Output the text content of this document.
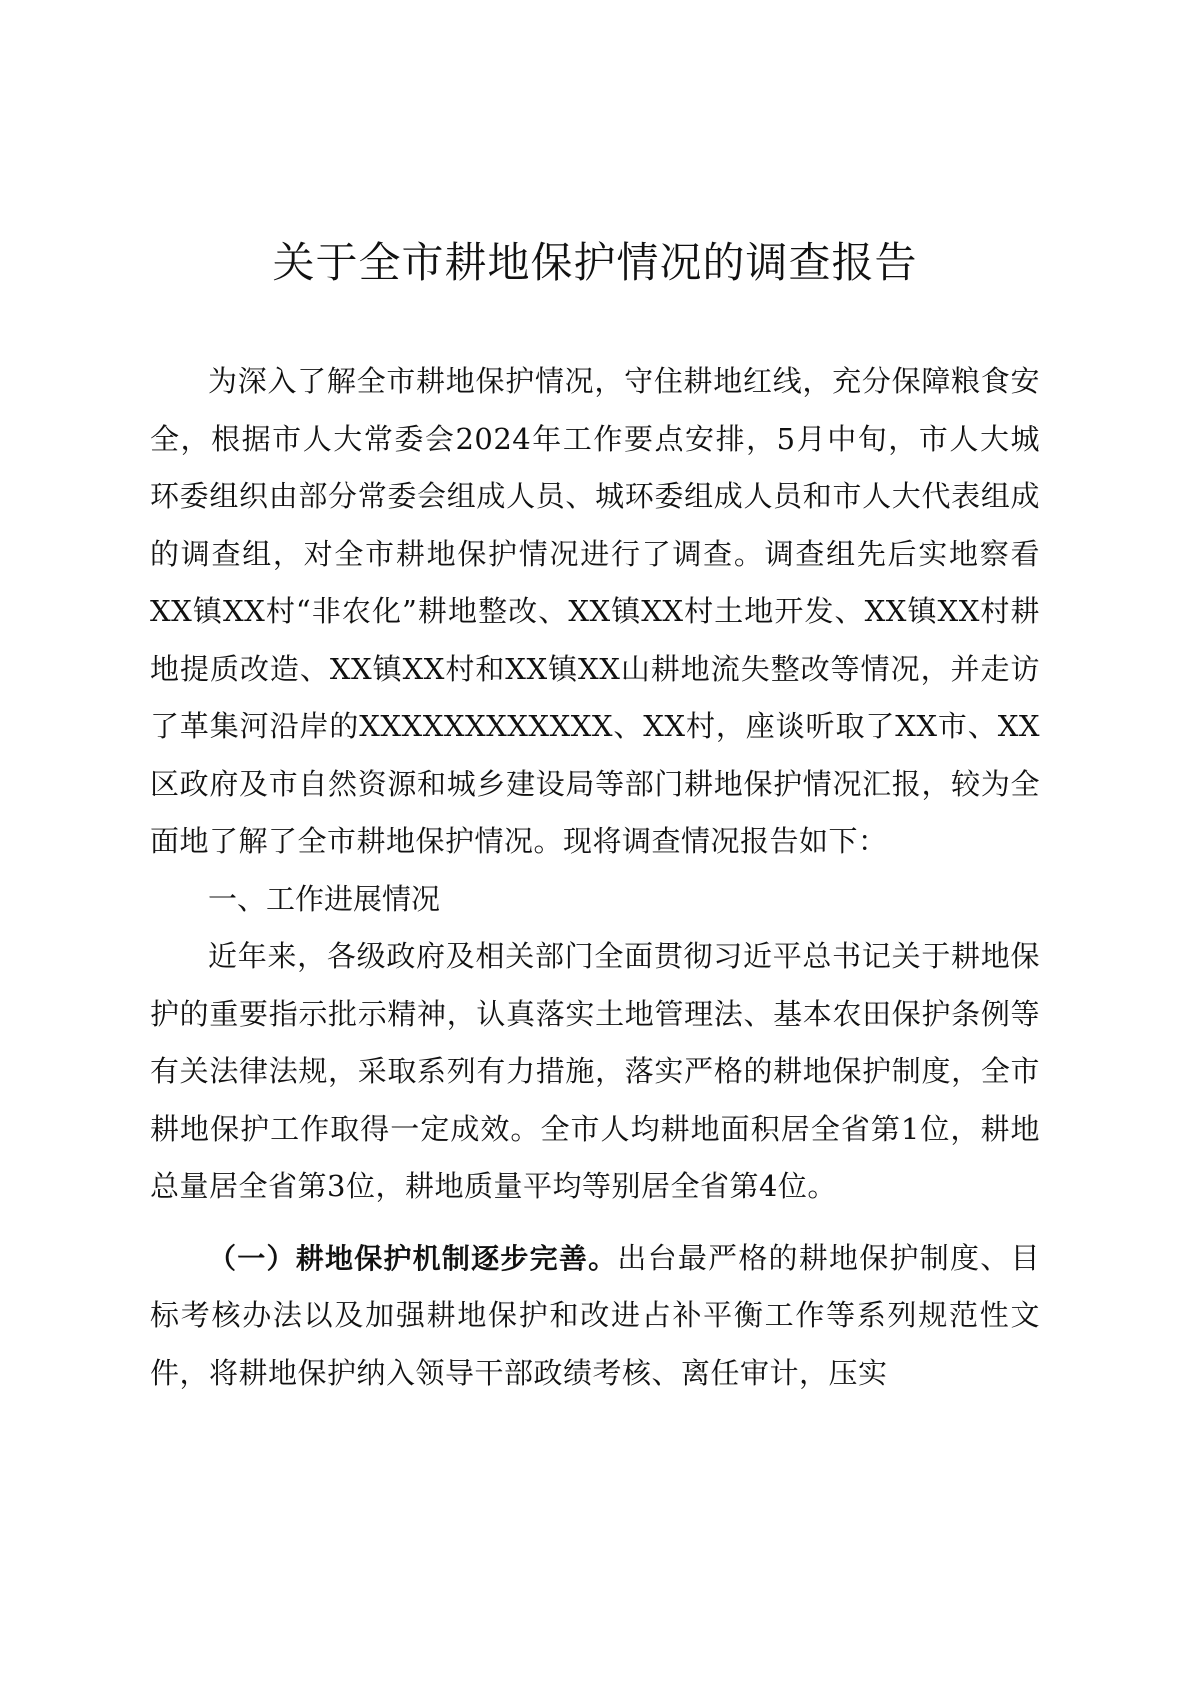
关于全市耕地保护情况的调查报告

为深入了解全市耕地保护情况，守住耕地红线，充分保障粮食安全，根据市人大常委会2024年工作要点安排，5月中旬，市人大城环委组织由部分常委会组成人员、城环委组成人员和市人大代表组成的调查组，对全市耕地保护情况进行了调查。调查组先后实地察看XX镇XX村“非农化”耕地整改、XX镇XX村土地开发、XX镇XX村耕地提质改造、XX镇XX村和XX镇XX山耕地流失整改等情况，并走访了革集河沿岸的XXXXXXXXXXXX、XX村，座谈听取了XX市、XX区政府及市自然资源和城乡建设局等部门耕地保护情况汇报，较为全面地了解了全市耕地保护情况。现将调查情况报告如下：

一、工作进展情况

近年来，各级政府及相关部门全面贯彻习近平总书记关于耕地保护的重要指示批示精神，认真落实土地管理法、基本农田保护条例等有关法律法规，采取系列有力措施，落实严格的耕地保护制度，全市耕地保护工作取得一定成效。全市人均耕地面积居全省第1位，耕地总量居全省第3位，耕地质量平均等别居全省第4位。

（一）耕地保护机制逐步完善。出台最严格的耕地保护制度、目标考核办法以及加强耕地保护和改进占补平衡工作等系列规范性文件，将耕地保护纳入领导干部政绩考核、离任审计，压实
